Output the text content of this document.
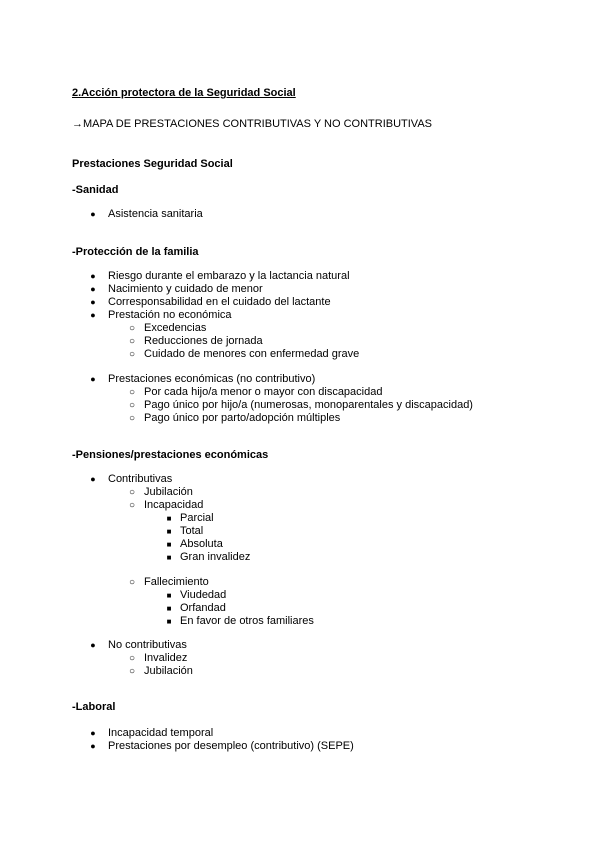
2.Acción protectora de la Seguridad Social
→MAPA DE PRESTACIONES CONTRIBUTIVAS Y NO CONTRIBUTIVAS
Prestaciones Seguridad Social
-Sanidad
●	Asistencia sanitaria
-Protección de la familia
●	Riesgo durante el embarazo y la lactancia natural
●	Nacimiento y cuidado de menor
●	Corresponsabilidad en el cuidado del lactante
●	Prestación no económica
○ Excedencias
○ Reducciones de jornada
○ Cuidado de menores con enfermedad grave
●	Prestaciones económicas (no contributivo)
○ Por cada hijo/a menor o mayor con discapacidad
○ Pago único por hijo/a (numerosas, monoparentales y discapacidad)
○ Pago único por parto/adopción múltiples
-Pensiones/prestaciones económicas
●	Contributivas
○ Jubilación
○ Incapacidad
■ Parcial
■ Total
■ Absoluta
■ Gran invalidez
○ Fallecimiento
■ Viudedad
■ Orfandad
■ En favor de otros familiares
●	No contributivas
○ Invalidez
○ Jubilación
-Laboral
●	Incapacidad temporal
●	Prestaciones por desempleo (contributivo) (SEPE)
